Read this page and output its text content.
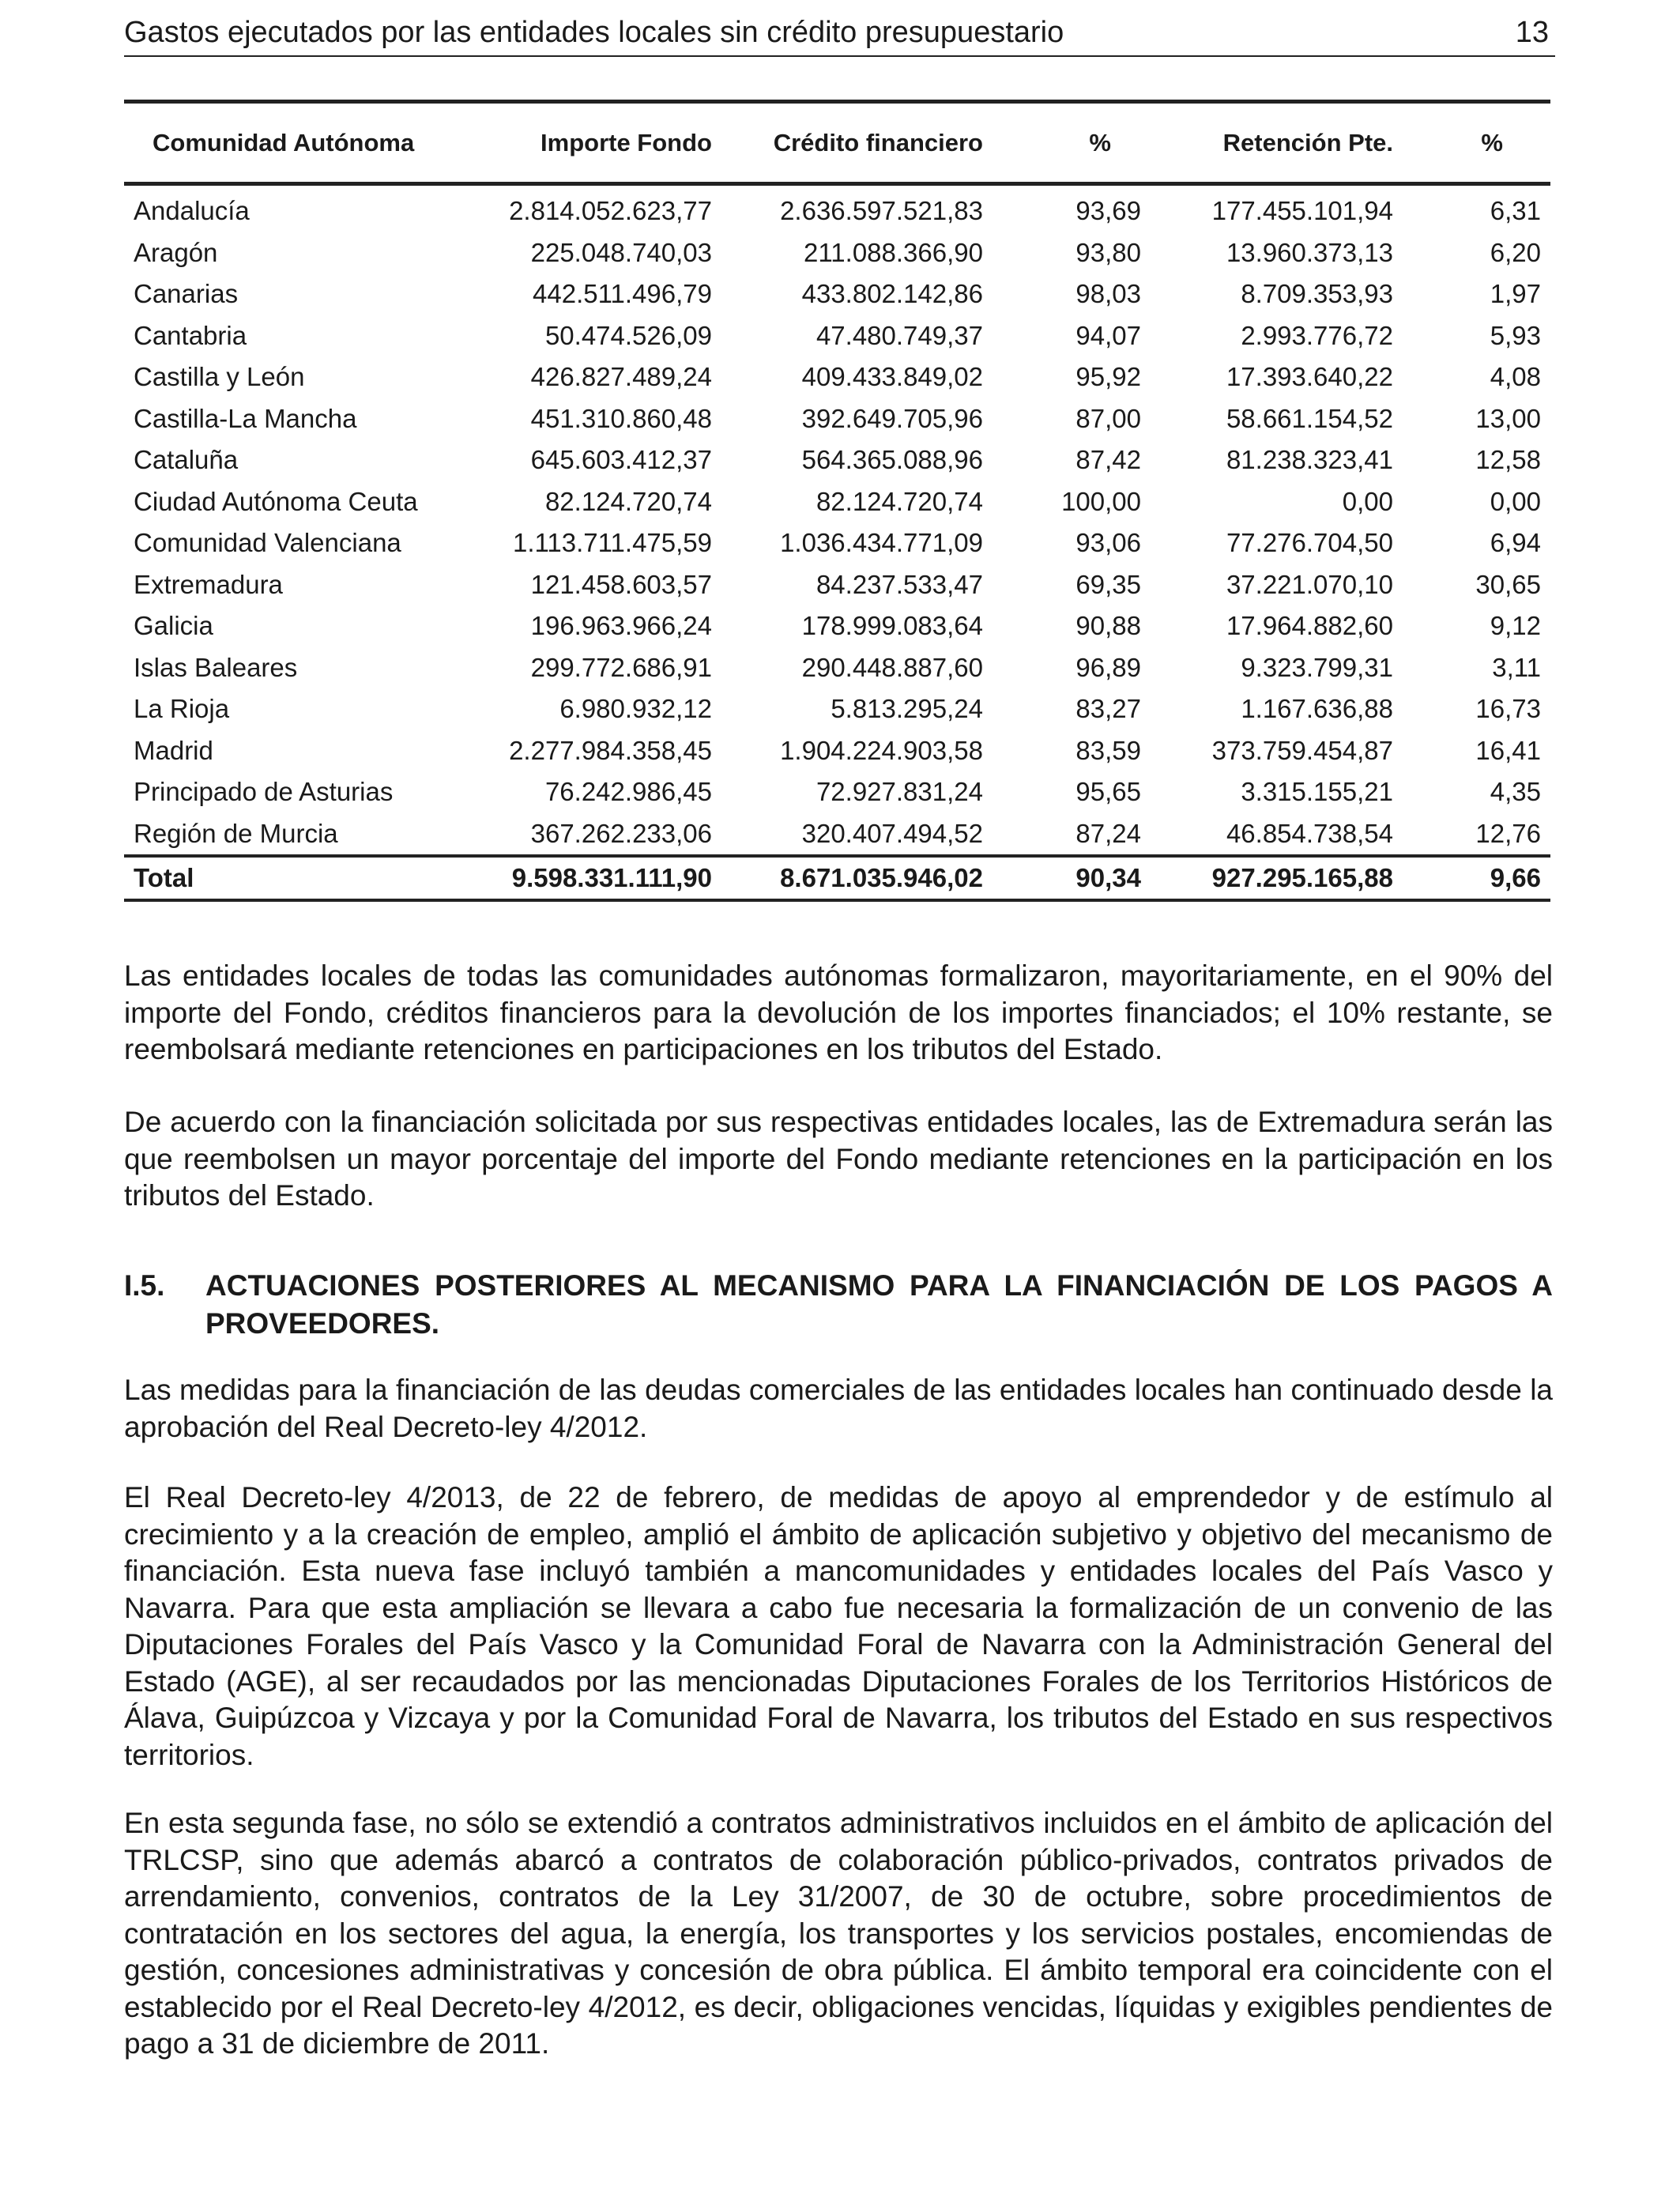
Gastos ejecutados por las entidades locales sin crédito presupuestario	13
Comunidad Autónoma	Importe Fondo	Crédito financiero	%	Retención Pte.	%
Andalucía	2.814.052.623,77	2.636.597.521,83	93,69	177.455.101,94	6,31
Aragón	225.048.740,03	211.088.366,90	93,80	13.960.373,13	6,20
Canarias	442.511.496,79	433.802.142,86	98,03	8.709.353,93	1,97
Cantabria	50.474.526,09	47.480.749,37	94,07	2.993.776,72	5,93
Castilla y León	426.827.489,24	409.433.849,02	95,92	17.393.640,22	4,08
Castilla-La Mancha	451.310.860,48	392.649.705,96	87,00	58.661.154,52	13,00
Cataluña	645.603.412,37	564.365.088,96	87,42	81.238.323,41	12,58
Ciudad Autónoma Ceuta	82.124.720,74	82.124.720,74	100,00	0,00	0,00
Comunidad Valenciana	1.113.711.475,59	1.036.434.771,09	93,06	77.276.704,50	6,94
Extremadura	121.458.603,57	84.237.533,47	69,35	37.221.070,10	30,65
Galicia	196.963.966,24	178.999.083,64	90,88	17.964.882,60	9,12
Islas Baleares	299.772.686,91	290.448.887,60	96,89	9.323.799,31	3,11
La Rioja	6.980.932,12	5.813.295,24	83,27	1.167.636,88	16,73
Madrid	2.277.984.358,45	1.904.224.903,58	83,59	373.759.454,87	16,41
Principado de Asturias	76.242.986,45	72.927.831,24	95,65	3.315.155,21	4,35
Región de Murcia	367.262.233,06	320.407.494,52	87,24	46.854.738,54	12,76
Total	9.598.331.111,90	8.671.035.946,02	90,34	927.295.165,88	9,66

Las entidades locales de todas las comunidades autónomas formalizaron, mayoritariamente, en el 90% del importe del Fondo, créditos financieros para la devolución de los importes financiados; el 10% restante, se reembolsará mediante retenciones en participaciones en los tributos del Estado.

De acuerdo con la financiación solicitada por sus respectivas entidades locales, las de Extremadura serán las que reembolsen un mayor porcentaje del importe del Fondo mediante retenciones en la participación en los tributos del Estado.

I.5. ACTUACIONES POSTERIORES AL MECANISMO PARA LA FINANCIACIÓN DE LOS PAGOS A PROVEEDORES.

Las medidas para la financiación de las deudas comerciales de las entidades locales han continuado desde la aprobación del Real Decreto-ley 4/2012.

El Real Decreto-ley 4/2013, de 22 de febrero, de medidas de apoyo al emprendedor y de estímulo al crecimiento y a la creación de empleo, amplió el ámbito de aplicación subjetivo y objetivo del mecanismo de financiación. Esta nueva fase incluyó también a mancomunidades y entidades locales del País Vasco y Navarra. Para que esta ampliación se llevara a cabo fue necesaria la formalización de un convenio de las Diputaciones Forales del País Vasco y la Comunidad Foral de Navarra con la Administración General del Estado (AGE), al ser recaudados por las mencionadas Diputaciones Forales de los Territorios Históricos de Álava, Guipúzcoa y Vizcaya y por la Comunidad Foral de Navarra, los tributos del Estado en sus respectivos territorios.

En esta segunda fase, no sólo se extendió a contratos administrativos incluidos en el ámbito de aplicación del TRLCSP, sino que además abarcó a contratos de colaboración público-privados, contratos privados de arrendamiento, convenios, contratos de la Ley 31/2007, de 30 de octubre, sobre procedimientos de contratación en los sectores del agua, la energía, los transportes y los servicios postales, encomiendas de gestión, concesiones administrativas y concesión de obra pública. El ámbito temporal era coincidente con el establecido por el Real Decreto-ley 4/2012, es decir, obligaciones vencidas, líquidas y exigibles pendientes de pago a 31 de diciembre de 2011.
